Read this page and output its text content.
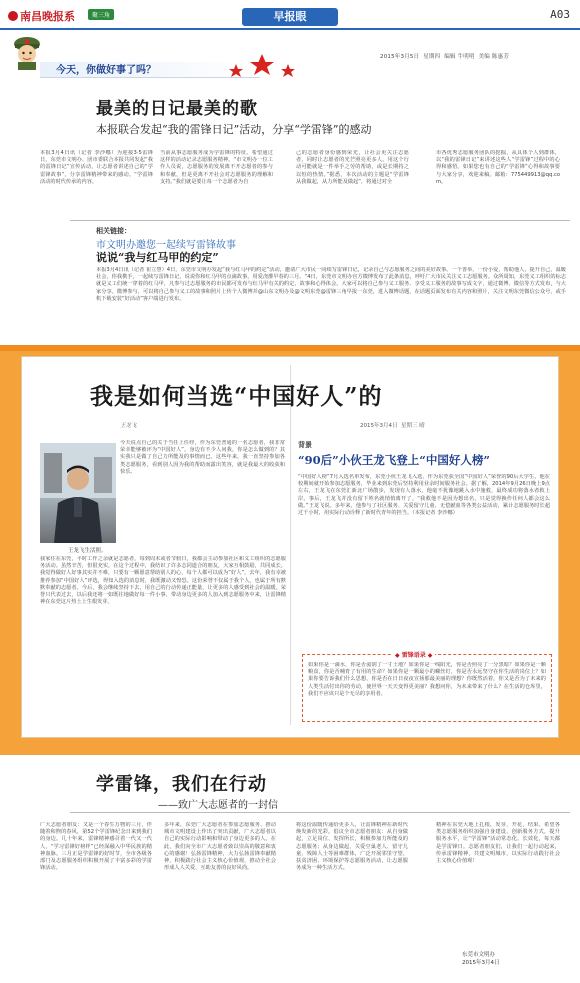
南昌晚报系	聚三角	早报眼	A03
今天，你做好事了吗？
2015年3月5日 星期四 编辑 牛明明 美编 陈惠芳
最美的日记最美的歌
本报联合发起“我的雷锋日记”活动，分享“学雷锋”的感动
本报3月4日讯（记者 李沙娜）为迎接3·5雷锋日，东莞市文明办、团市委联合本报共同发起“我的雷锋日记”宣传活动，让志愿者讲述自己的“学雷锋故事”，分享雷锋精神带来的感动。“学雷锋活动的时代传承的内容。
当前从事志愿服务成为学雷锋的特征。希望通过这样的活动记录志愿服务精神。“市文明办一位工作人员说，志愿服务的发展离不开志愿者的参与和奉献，但是更离不开社会对志愿服务的理解和支持。”我们就是要让每一个志愿者为自
己的志愿者身份感到荣光，让社会更关注志愿者，同时让志愿者的光芒照亮更多人，用这个行动可能就是一件举手之劳的帮助，或是长期持之以恒的热情。”据悉，本次活动的主题是“学雷锋 从我做起，从力所能及做起”，将通过对全
市各优秀志愿服务团队的挖掘，从具体个人到群体，以“我的雷锋日记”来讲述这些人“学雷锋”过程中的心得和感悟。如果您也有自己的“学雷锋”心得和故事要与大家分享，欢迎来稿。邮箱：775449913@qq.com。
相关链接：
市文明办邀您一起续写雷锋故事
说说“我与红马甲的约定”
本报3月4日讯（记者 崔立慧）4日，东莞市文明办发起“我与红马甲的约定”活动，邀请广大市民一同续写雷锋日记，记录自己与志愿服务之间的美好故事。一个善举，一份小爱，帮助他人，提升自己，温暖社会，你我携手，一起续写雷锋日记，说说你和红马甲的点滴故事，用爱浇灌早春的三月。“4日，东莞市文明办官方微博发布了此条消息，呼吁广大市民关注义工志愿服务。众所周知，东莞义工组织的标志就是义工们统一穿着的红马甲，凡参与过志愿服务的市民都可发布与红马甲有关的约定、故事和心得体会。大家可以将自己参与义工服务、享受义工服务的故事写成文字，通过微博、微信等方式发布，与大家分享。微博参与，可以将自己参与义工的故事和照片上传个人微博并@山东文明办及@文明东莞@雷锋三角早报一东莞，进入微博话题，在话题页面发布有关内容和照片，关注文明东莞微信公众号，或手机下载安装“好活动”客户端进行发布。
我是如何当选“中国好人”的
王龙飞	2015年3月4日 星期三 晴
王龙飞生活照。
今天说点自己的关于当任上任经，作为东莞普通的一名志愿者，我非常荣幸能够被评为“中国好人”。身边有不少人问我，你是怎么做到的？其实我只是做了自己力所能及的事情而已。这些年来，我一直坚持参加各类志愿服务，看到别人因为我的帮助而露出笑容，就是我最大的收获和快乐。
我家住在东莞，平时工作之余就是志愿者，每到周末或者节假日，我都会主动参加社区和义工组织的志愿服务活动。虽然辛苦，但很充实。在这个过程中，我结识了许多志同道合的朋友，大家互相鼓励，共同成长。我觉得做好人好事其实并不难，只要有一颗愿意帮助别人的心，每个人都可以成为“好人”。去年，我有幸被推荐参加“中国好人”评选，得知入选的消息时，我既激动又惶恐。这份荣誉不仅属于我个人，也属于所有默默奉献的志愿者。今后，我会继续坚持下去，用自己的行动传递正能量，让更多的人感受到社会的温暖。荣誉只代表过去，以后我还将一如既往地做好每一件小事，带动身边更多的人加入到志愿服务中来，让雷锋精神在东莞这片热土上生根发芽。
背景
“90后”小伙王龙飞登上“中国好人榜”
“中国好人榜”7月入选名单发布，东莞小伙王龙飞入选，作为东莞获全国“中国好人”荣誉的90后大学生，他在校期间就开始参加志愿服务，毕业来到东莞后坚持利用业余时间服务社会。据了解，2014年9月26日晚上9点左右，王龙飞在东莞汇新北广场散步，发现有人落水，他毫不犹豫地跳入水中施救，最终成功将落水者救上岸。事后，王龙飞并没有留下姓名就悄悄离开了。“我救他不是因为想出名，只是觉得换作任何人都会这么做。”王龙飞说。多年来，他参与了社区服务、关爱留守儿童、无偿献血等各类公益活动，累计志愿服务时长超过千小时，用实际行动诠释了新时代青年的担当。（本报记者 李沙娜）
◆ 雷锋语录 ◆
如果你是一滴水，你是否滋润了一寸土地？如果你是一线阳光，你是否照亮了一分黑暗？如果你是一颗粮食，你是否哺育了有用的生命？如果你是一颗最小的螺丝钉，你是否永远坚守在你生活的岗位上？如果你要告诉我们什么思想，你是否在日日夜夜宣扬那最美丽的理想？你既然活着，你又是否为了未来的人类生活付出你的劳动，使世界一天天变得更美丽？我想问你，为未来带来了什么？在生活的仓库里，我们不应该只是个无尽的享用者。
学雷锋，我们在行动
——致广大志愿者的一封信
广大志愿者朋友：又是一个春生万物的三月，伴随着和煦的春风，第52个学雷锋纪念日来到我们的身边。几十年来，雷锋精神感召着一代又一代人，“学习雷锋好榜样”已经深融入中华民族的精神血脉。三月正是学雷锋的好时节，全市各级各部门及志愿服务组织积极开展了丰富多彩的学雷锋活动。
多年来，东莞广大志愿者在参加志愿服务、推动城市文明建设上作出了突出贡献，广大志愿者以自己的实际行动影响和带动了身边更多的人。在此，我们向全市广大志愿者致以崇高的敬意和衷心的感谢！弘扬雷锋精神，大力弘扬雷锋奉献精神，积极践行社会主义核心价值观，推动全社会形成人人关爱、互助友善的良好风尚。
将这份温暖传递给更多人，让雷锋精神在新时代焕发新的光彩。倡议全市志愿者朋友：从自身做起，立足岗位、发挥所长，积极参加力所能及的志愿服务；从身边做起，关爱空巢老人、留守儿童、残障人士等困难群体，广泛开展邻里守望、扶贫济困、环境保护等志愿服务活动，让志愿服务成为一种生活方式。
精神在东莞大地上扎根，发芽，开花，结果。希望各类志愿服务组织加强自身建设，创新服务方式，提升服务水平，让“学雷锋”活动常态化、长效化，每天都是学雷锋日。志愿者朋友们，让我们一起行动起来，传承雷锋精神，共建文明城市，以实际行动践行社会主义核心价值观！
东莞市文明办
2015年3月4日
